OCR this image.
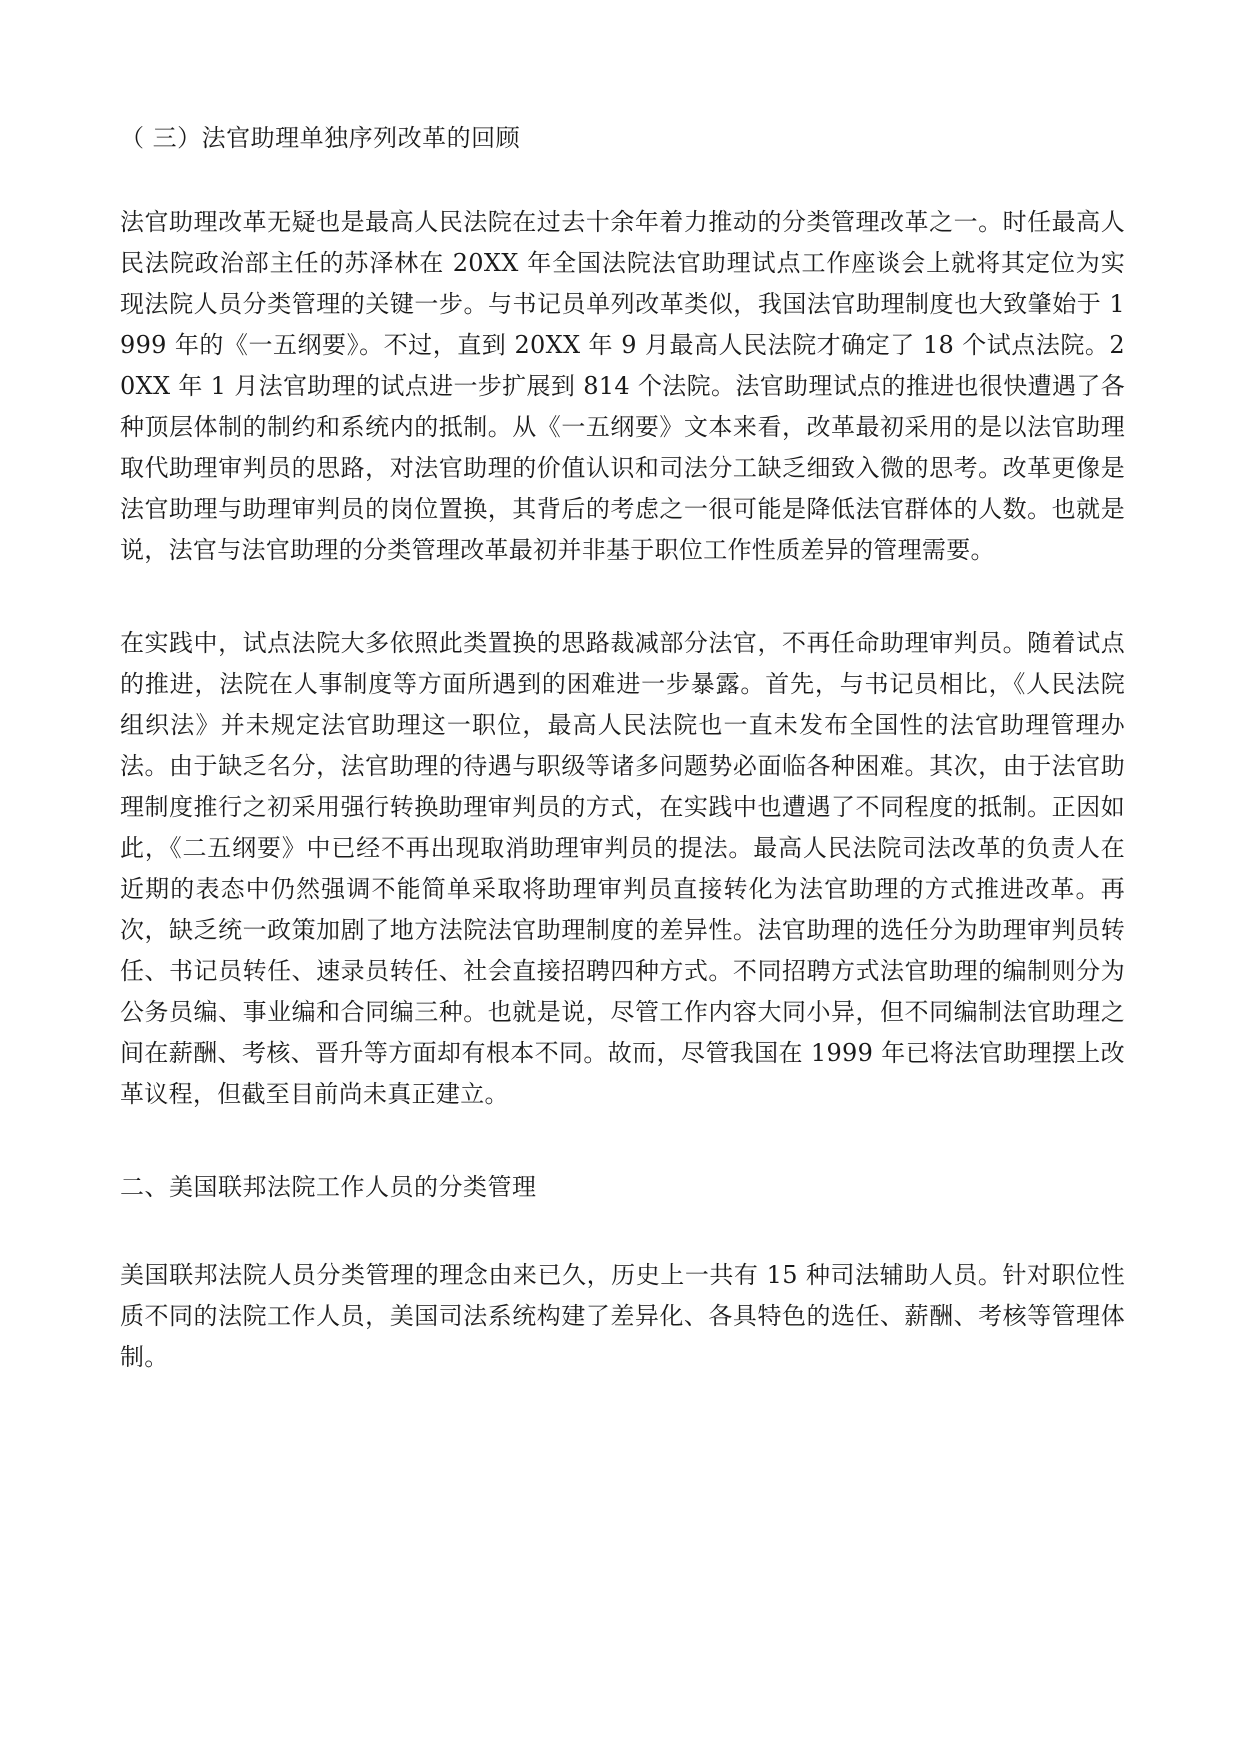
（ 三）法官助理单独序列改革的回顾

法官助理改革无疑也是最高人民法院在过去十余年着力推动的分类管理改革之一。时任最高人民法院政治部主任的苏泽林在 20XX 年全国法院法官助理试点工作座谈会上就将其定位为实现法院人员分类管理的关键一步。与书记员单列改革类似，我国法官助理制度也大致肇始于 1999 年的《一五纲要》。不过，直到 20XX 年 9 月最高人民法院才确定了 18 个试点法院。20XX 年 1 月法官助理的试点进一步扩展到 814 个法院。法官助理试点的推进也很快遭遇了各种顶层体制的制约和系统内的抵制。从《一五纲要》文本来看，改革最初采用的是以法官助理取代助理审判员的思路，对法官助理的价值认识和司法分工缺乏细致入微的思考。改革更像是法官助理与助理审判员的岗位置换，其背后的考虑之一很可能是降低法官群体的人数。也就是说，法官与法官助理的分类管理改革最初并非基于职位工作性质差异的管理需要。

在实践中，试点法院大多依照此类置换的思路裁减部分法官，不再任命助理审判员。随着试点的推进，法院在人事制度等方面所遇到的困难进一步暴露。首先，与书记员相比，《人民法院组织法》并未规定法官助理这一职位，最高人民法院也一直未发布全国性的法官助理管理办法。由于缺乏名分，法官助理的待遇与职级等诸多问题势必面临各种困难。其次，由于法官助理制度推行之初采用强行转换助理审判员的方式，在实践中也遭遇了不同程度的抵制。正因如此，《二五纲要》中已经不再出现取消助理审判员的提法。最高人民法院司法改革的负责人在近期的表态中仍然强调不能简单采取将助理审判员直接转化为法官助理的方式推进改革。再次，缺乏统一政策加剧了地方法院法官助理制度的差异性。法官助理的选任分为助理审判员转任、书记员转任、速录员转任、社会直接招聘四种方式。不同招聘方式法官助理的编制则分为公务员编、事业编和合同编三种。也就是说，尽管工作内容大同小异，但不同编制法官助理之间在薪酬、考核、晋升等方面却有根本不同。故而，尽管我国在 1999 年已将法官助理摆上改革议程，但截至目前尚未真正建立。

二、美国联邦法院工作人员的分类管理

美国联邦法院人员分类管理的理念由来已久，历史上一共有 15 种司法辅助人员。针对职位性质不同的法院工作人员，美国司法系统构建了差异化、各具特色的选任、薪酬、考核等管理体制。
